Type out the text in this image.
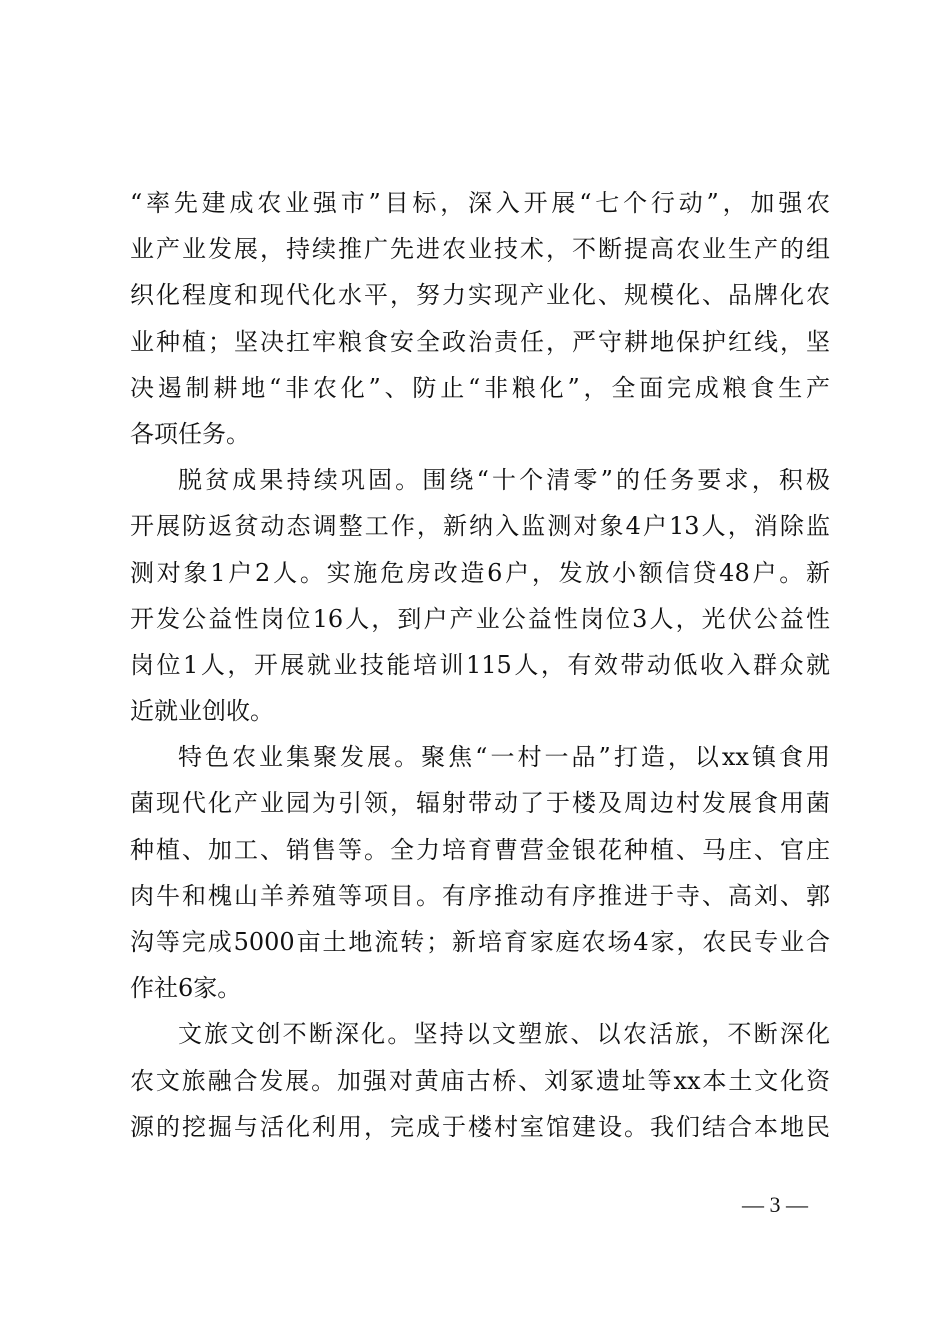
“率先建成农业强市”目标，深入开展“七个行动”，加强农
业产业发展，持续推广先进农业技术，不断提高农业生产的组
织化程度和现代化水平，努力实现产业化、规模化、品牌化农
业种植；坚决扛牢粮食安全政治责任，严守耕地保护红线，坚
决遏制耕地“非农化”、防止“非粮化”，全面完成粮食生产
各项任务。
脱贫成果持续巩固。围绕“十个清零”的任务要求，积极
开展防返贫动态调整工作，新纳入监测对象4户13人，消除监
测对象1户2人。实施危房改造6户，发放小额信贷48户。新
开发公益性岗位16人，到户产业公益性岗位3人，光伏公益性
岗位1人，开展就业技能培训115人，有效带动低收入群众就
近就业创收。
特色农业集聚发展。聚焦“一村一品”打造，以xx镇食用
菌现代化产业园为引领，辐射带动了于楼及周边村发展食用菌
种植、加工、销售等。全力培育曹营金银花种植、马庄、官庄
肉牛和槐山羊养殖等项目。有序推动有序推进于寺、高刘、郭
沟等完成5000亩土地流转；新培育家庭农场4家，农民专业合
作社6家。
文旅文创不断深化。坚持以文塑旅、以农活旅，不断深化
农文旅融合发展。加强对黄庙古桥、刘冢遗址等xx本土文化资
源的挖掘与活化利用，完成于楼村室馆建设。我们结合本地民
— 3 —
